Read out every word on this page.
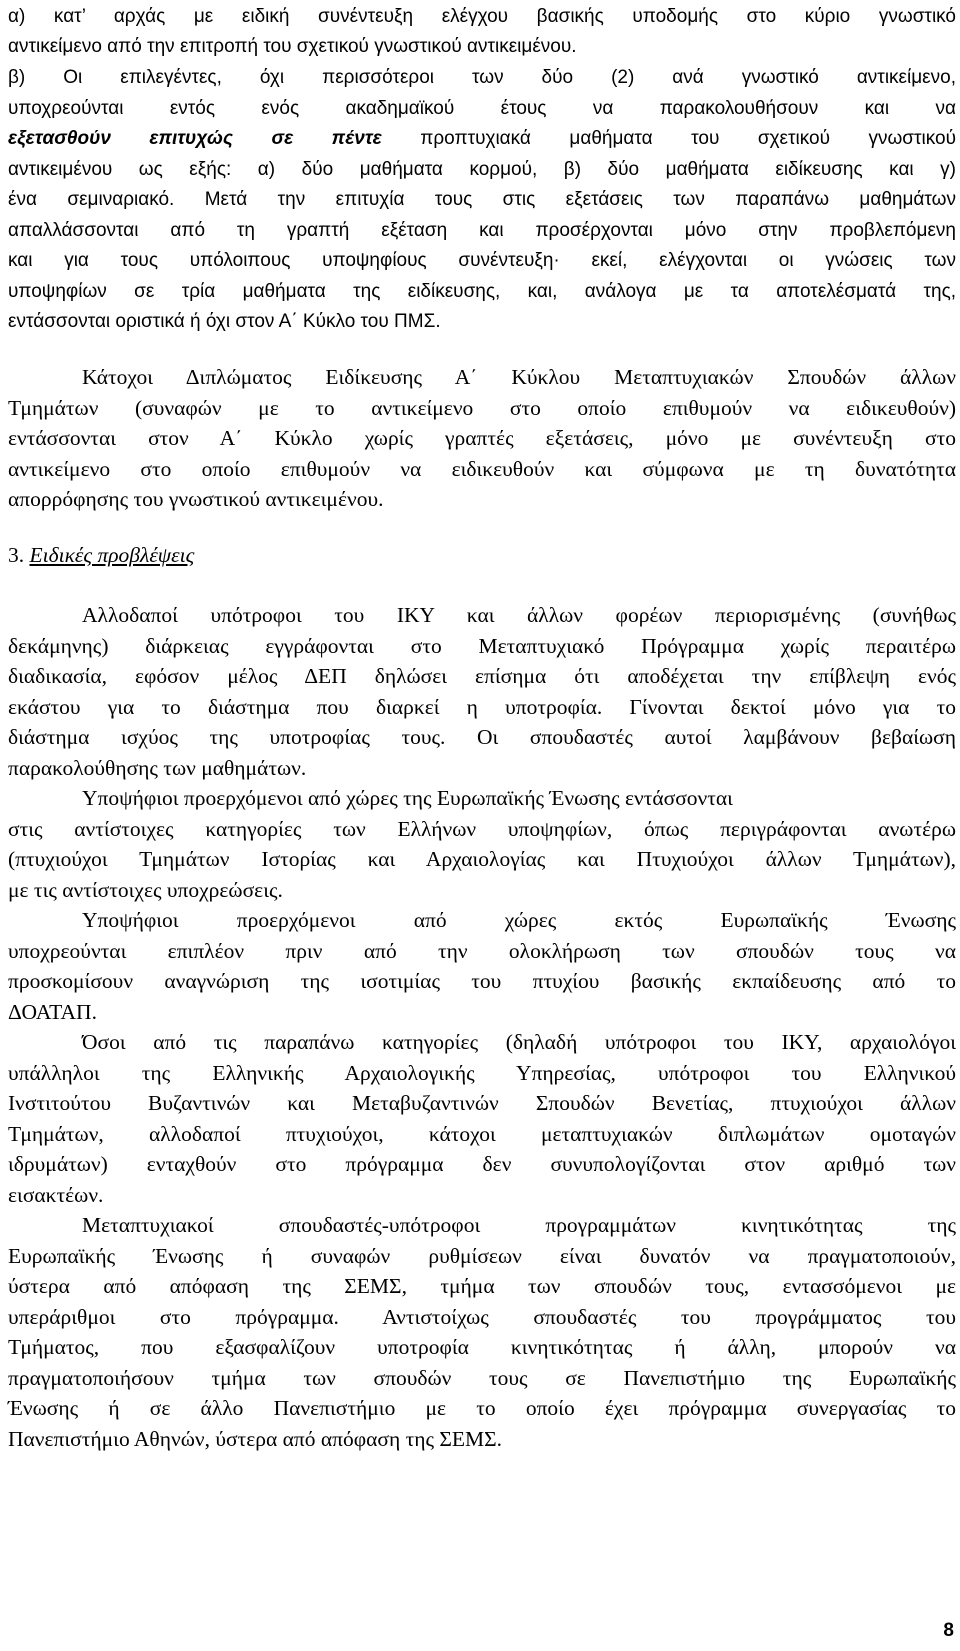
α) κατ’ αρχάς με ειδική συνέντευξη ελέγχου βασικής υποδομής στο κύριο γνωστικό
αντικείμενο από την επιτροπή του σχετικού γνωστικού αντικειμένου.
β) Οι επιλεγέντες, όχι περισσότεροι των δύο (2) ανά γνωστικό αντικείμενο,
υποχρεούνται εντός ενός ακαδημαϊκού έτους να παρακολουθήσουν και να
εξετασθούν επιτυχώς σε πέντε προπτυχιακά μαθήματα του σχετικού γνωστικού
αντικειμένου ως εξής: α) δύο μαθήματα κορμού, β) δύο μαθήματα ειδίκευσης και γ)
ένα σεμιναριακό. Μετά την επιτυχία τους στις εξετάσεις των παραπάνω μαθημάτων
απαλλάσσονται από τη γραπτή εξέταση και προσέρχονται μόνο στην προβλεπόμενη
και για τους υπόλοιπους υποψηφίους συνέντευξη· εκεί, ελέγχονται οι γνώσεις των
υποψηφίων σε τρία μαθήματα της ειδίκευσης, και, ανάλογα με τα αποτελέσματά της,
εντάσσονται οριστικά ή όχι στον Α΄ Κύκλο του ΠΜΣ.
Κάτοχοι Διπλώματος Ειδίκευσης Α΄ Κύκλου Μεταπτυχιακών Σπουδών άλλων
Τμημάτων (συναφών με το αντικείμενο στο οποίο επιθυμούν να ειδικευθούν)
εντάσσονται στον Α΄ Κύκλο χωρίς γραπτές εξετάσεις, μόνο με συνέντευξη στο
αντικείμενο στο οποίο επιθυμούν να ειδικευθούν και σύμφωνα με τη δυνατότητα
απορρόφησης του γνωστικού αντικειμένου.
3. Ειδικές προβλέψεις
Αλλοδαποί υπότροφοι του ΙΚΥ και άλλων φορέων περιορισμένης (συνήθως
δεκάμηνης) διάρκειας εγγράφονται στο Μεταπτυχιακό Πρόγραμμα χωρίς περαιτέρω
διαδικασία, εφόσον μέλος ΔΕΠ δηλώσει επίσημα ότι αποδέχεται την επίβλεψη ενός
εκάστου για το διάστημα που διαρκεί η υποτροφία. Γίνονται δεκτοί μόνο για το
διάστημα ισχύος της υποτροφίας τους. Οι σπουδαστές αυτοί λαμβάνουν βεβαίωση
παρακολούθησης των μαθημάτων.
Υποψήφιοι προερχόμενοι από χώρες της Ευρωπαϊκής Ένωσης εντάσσονται
στις αντίστοιχες κατηγορίες των Ελλήνων υποψηφίων, όπως περιγράφονται ανωτέρω
(πτυχιούχοι Τμημάτων Ιστορίας και Αρχαιολογίας και Πτυχιούχοι άλλων Τμημάτων),
με τις αντίστοιχες υποχρεώσεις.
Υποψήφιοι προερχόμενοι από χώρες εκτός Ευρωπαϊκής Ένωσης
υποχρεούνται επιπλέον πριν από την ολοκλήρωση των σπουδών τους να
προσκομίσουν αναγνώριση της ισοτιμίας του πτυχίου βασικής εκπαίδευσης από το
ΔΟΑΤΑΠ.
Όσοι από τις παραπάνω κατηγορίες (δηλαδή υπότροφοι του ΙΚΥ, αρχαιολόγοι
υπάλληλοι της Ελληνικής Αρχαιολογικής Υπηρεσίας, υπότροφοι του Ελληνικού
Ινστιτούτου Βυζαντινών και Μεταβυζαντινών Σπουδών Βενετίας, πτυχιούχοι άλλων
Τμημάτων, αλλοδαποί πτυχιούχοι, κάτοχοι μεταπτυχιακών διπλωμάτων ομοταγών
ιδρυμάτων) ενταχθούν στο πρόγραμμα δεν συνυπολογίζονται στον αριθμό των
εισακτέων.
Μεταπτυχιακοί σπουδαστές-υπότροφοι προγραμμάτων κινητικότητας της
Ευρωπαϊκής Ένωσης ή συναφών ρυθμίσεων είναι δυνατόν να πραγματοποιούν,
ύστερα από απόφαση της ΣΕΜΣ, τμήμα των σπουδών τους, εντασσόμενοι με
υπεράριθμοι στο πρόγραμμα. Αντιστοίχως σπουδαστές του προγράμματος του
Τμήματος, που εξασφαλίζουν υποτροφία κινητικότητας ή άλλη, μπορούν να
πραγματοποιήσουν τμήμα των σπουδών τους σε Πανεπιστήμιο της Ευρωπαϊκής
Ένωσης ή σε άλλο Πανεπιστήμιο με το οποίο έχει πρόγραμμα συνεργασίας το
Πανεπιστήμιο Αθηνών, ύστερα από απόφαση της ΣΕΜΣ.
8
